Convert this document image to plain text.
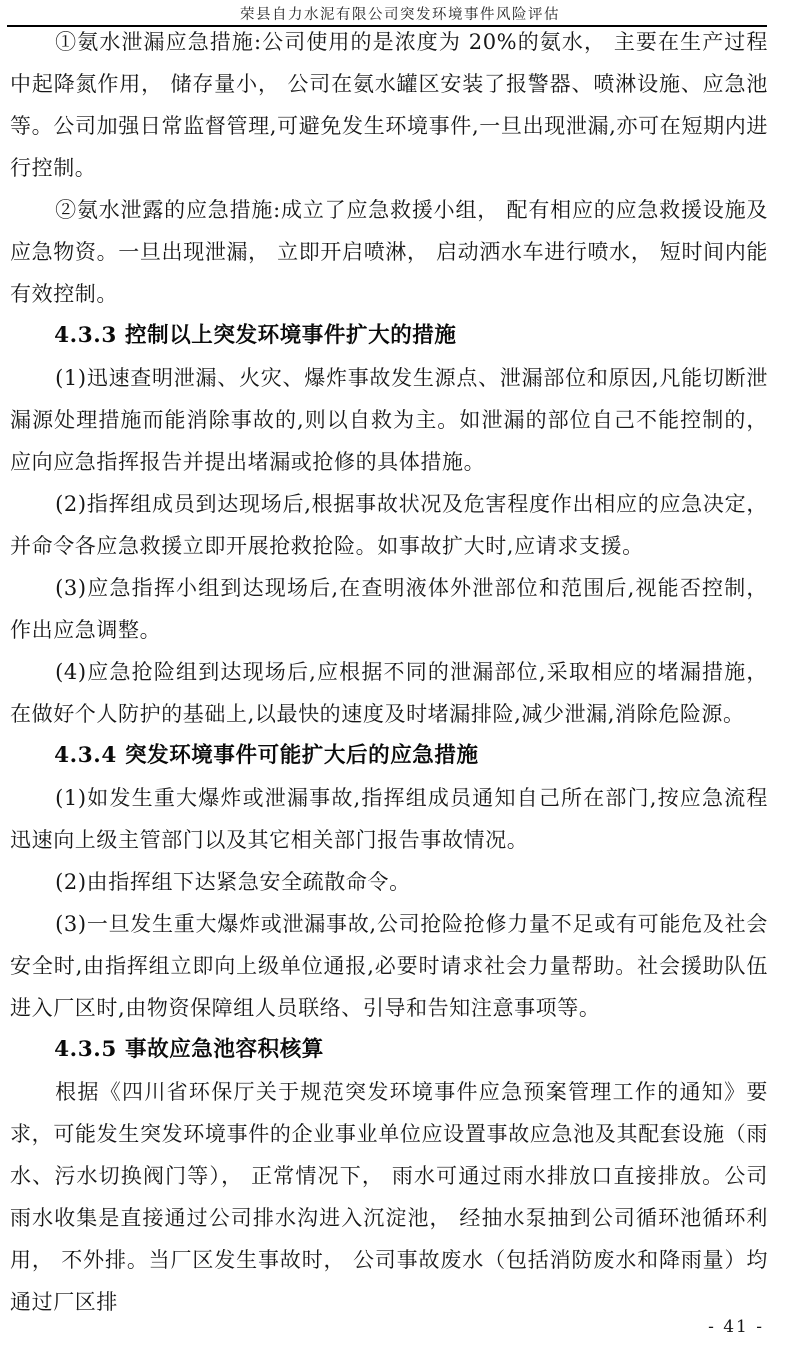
荣县自力水泥有限公司突发环境事件风险评估

①氨水泄漏应急措施:公司使用的是浓度为 20%的氨水， 主要在生产过程中起降氮作用， 储存量小， 公司在氨水罐区安装了报警器、喷淋设施、应急池等。公司加强日常监督管理,可避免发生环境事件,一旦出现泄漏,亦可在短期内进行控制。

②氨水泄露的应急措施:成立了应急救援小组， 配有相应的应急救援设施及应急物资。一旦出现泄漏， 立即开启喷淋， 启动洒水车进行喷水， 短时间内能有效控制。

4.3.3 控制以上突发环境事件扩大的措施

(1)迅速查明泄漏、火灾、爆炸事故发生源点、泄漏部位和原因,凡能切断泄漏源处理措施而能消除事故的,则以自救为主。如泄漏的部位自己不能控制的，应向应急指挥报告并提出堵漏或抢修的具体措施。

(2)指挥组成员到达现场后,根据事故状况及危害程度作出相应的应急决定，并命令各应急救援立即开展抢救抢险。如事故扩大时,应请求支援。

(3)应急指挥小组到达现场后,在查明液体外泄部位和范围后,视能否控制，作出应急调整。

(4)应急抢险组到达现场后,应根据不同的泄漏部位,采取相应的堵漏措施，在做好个人防护的基础上,以最快的速度及时堵漏排险,减少泄漏,消除危险源。

4.3.4 突发环境事件可能扩大后的应急措施

(1)如发生重大爆炸或泄漏事故,指挥组成员通知自己所在部门,按应急流程迅速向上级主管部门以及其它相关部门报告事故情况。

(2)由指挥组下达紧急安全疏散命令。

(3)一旦发生重大爆炸或泄漏事故,公司抢险抢修力量不足或有可能危及社会安全时,由指挥组立即向上级单位通报,必要时请求社会力量帮助。社会援助队伍进入厂区时,由物资保障组人员联络、引导和告知注意事项等。

4.3.5 事故应急池容积核算

根据《四川省环保厅关于规范突发环境事件应急预案管理工作的通知》要求，可能发生突发环境事件的企业事业单位应设置事故应急池及其配套设施（雨水、污水切换阀门等）， 正常情况下， 雨水可通过雨水排放口直接排放。公司雨水收集是直接通过公司排水沟进入沉淀池， 经抽水泵抽到公司循环池循环利用， 不外排。当厂区发生事故时， 公司事故废水（包括消防废水和降雨量）均通过厂区排

- 41 -
